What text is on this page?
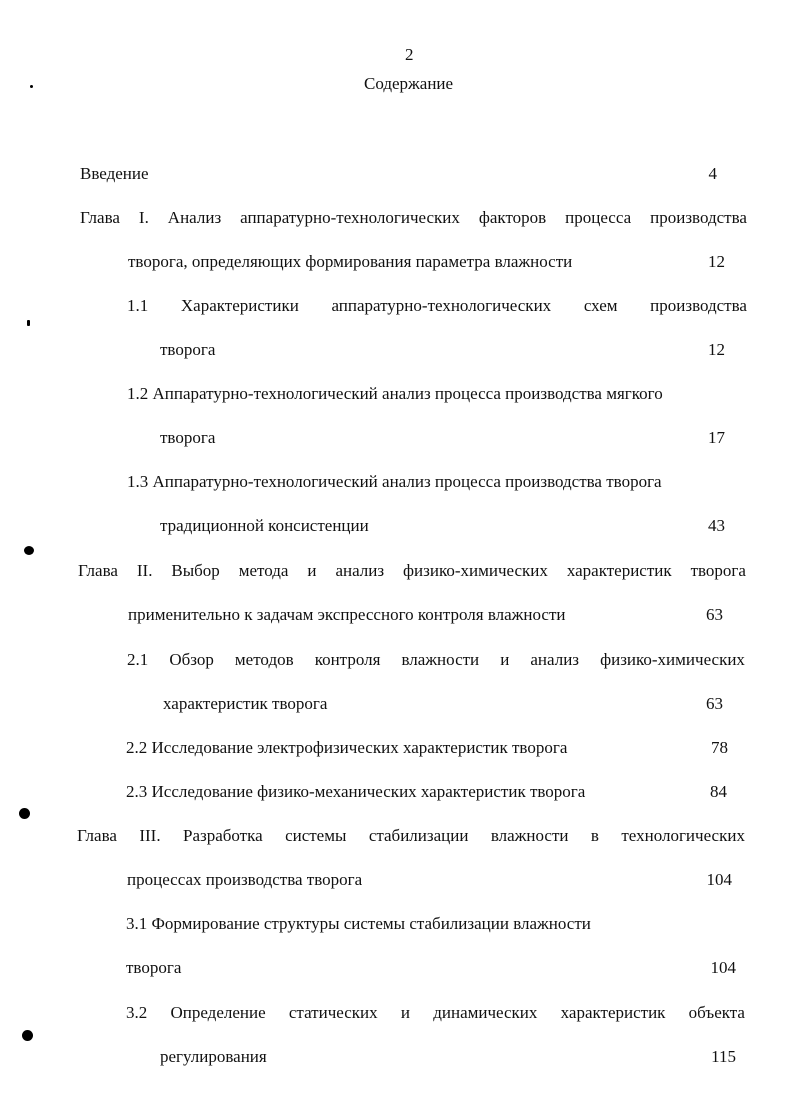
2
Содержание
Введение	4
Глава I. Анализ аппаратурно-технологических факторов процесса производства
творога, определяющих формирования параметра влажности	12
1.1 Характеристики аппаратурно-технологических схем производства
творога	12
1.2 Аппаратурно-технологический анализ процесса производства мягкого
творога	17
1.3 Аппаратурно-технологический анализ процесса производства творога
традиционной консистенции	43
Глава II. Выбор метода и анализ физико-химических характеристик творога
применительно к задачам экспрессного контроля влажности	63
2.1 Обзор методов контроля влажности и анализ физико-химических
характеристик творога	63
2.2 Исследование электрофизических характеристик творога	78
2.3 Исследование физико-механических характеристик творога	84
Глава III. Разработка системы стабилизации влажности в технологических
процессах производства творога	104
3.1 Формирование структуры системы стабилизации влажности
творога	104
3.2 Определение статических и динамических характеристик объекта
регулирования	115
